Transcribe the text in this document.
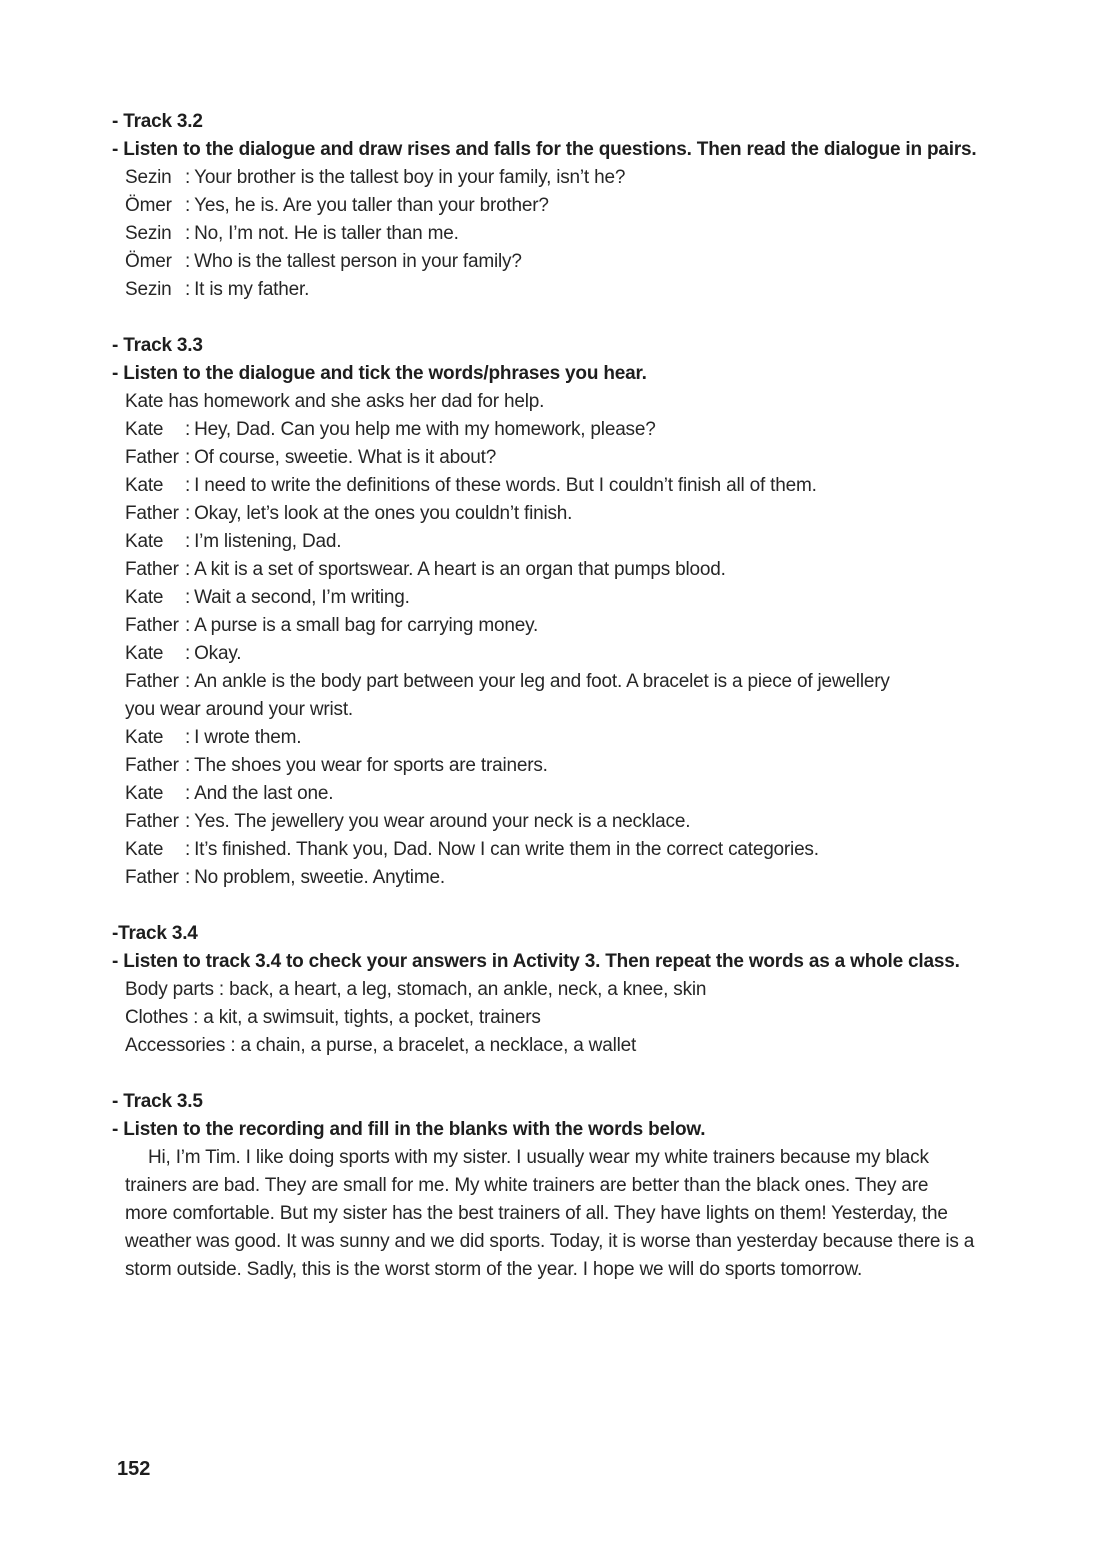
- Track 3.2
- Listen to the dialogue and draw rises and falls for the questions. Then read the dialogue in pairs.
Sezin : Your brother is the tallest boy in your family, isn’t he?
Ömer : Yes, he is. Are you taller than your brother?
Sezin : No, I’m not. He is taller than me.
Ömer : Who is the tallest person in your family?
Sezin : It is my father.
- Track 3.3
- Listen to the dialogue and tick the words/phrases you hear.
Kate has homework and she asks her dad for help.
Kate	: Hey, Dad. Can you help me with my homework, please?
Father : Of course, sweetie. What is it about?
Kate	: I need to write the definitions of these words. But I couldn’t finish all of them.
Father : Okay, let’s look at the ones you couldn’t finish.
Kate	: I’m listening, Dad.
Father : A kit is a set of sportswear. A heart is an organ that pumps blood.
Kate	: Wait a second, I’m writing.
Father : A purse is a small bag for carrying money.
Kate	: Okay.
Father : An ankle is the body part between your leg and foot. A bracelet is a piece of jewellery
you wear around your wrist.
Kate	: I wrote them.
Father : The shoes you wear for sports are trainers.
Kate	: And the last one.
Father : Yes. The jewellery you wear around your neck is a necklace.
Kate	: It’s finished. Thank you, Dad. Now I can write them in the correct categories.
Father : No problem, sweetie. Anytime.
-Track 3.4
- Listen to track 3.4 to check your answers in Activity 3. Then repeat the words as a whole class.
Body parts : back, a heart, a leg, stomach, an ankle, neck, a knee, skin
Clothes : a kit, a swimsuit, tights, a pocket, trainers
Accessories : a chain, a purse, a bracelet, a necklace, a wallet
- Track 3.5
- Listen to the recording and fill in the blanks with the words below.
Hi, I’m Tim. I like doing sports with my sister. I usually wear my white trainers because my black trainers are bad. They are small for me. My white trainers are better than the black ones. They are more comfortable. But my sister has the best trainers of all. They have lights on them! Yesterday, the weather was good. It was sunny and we did sports. Today, it is worse than yesterday because there is a storm outside. Sadly, this is the worst storm of the year. I hope we will do sports tomorrow.
152
